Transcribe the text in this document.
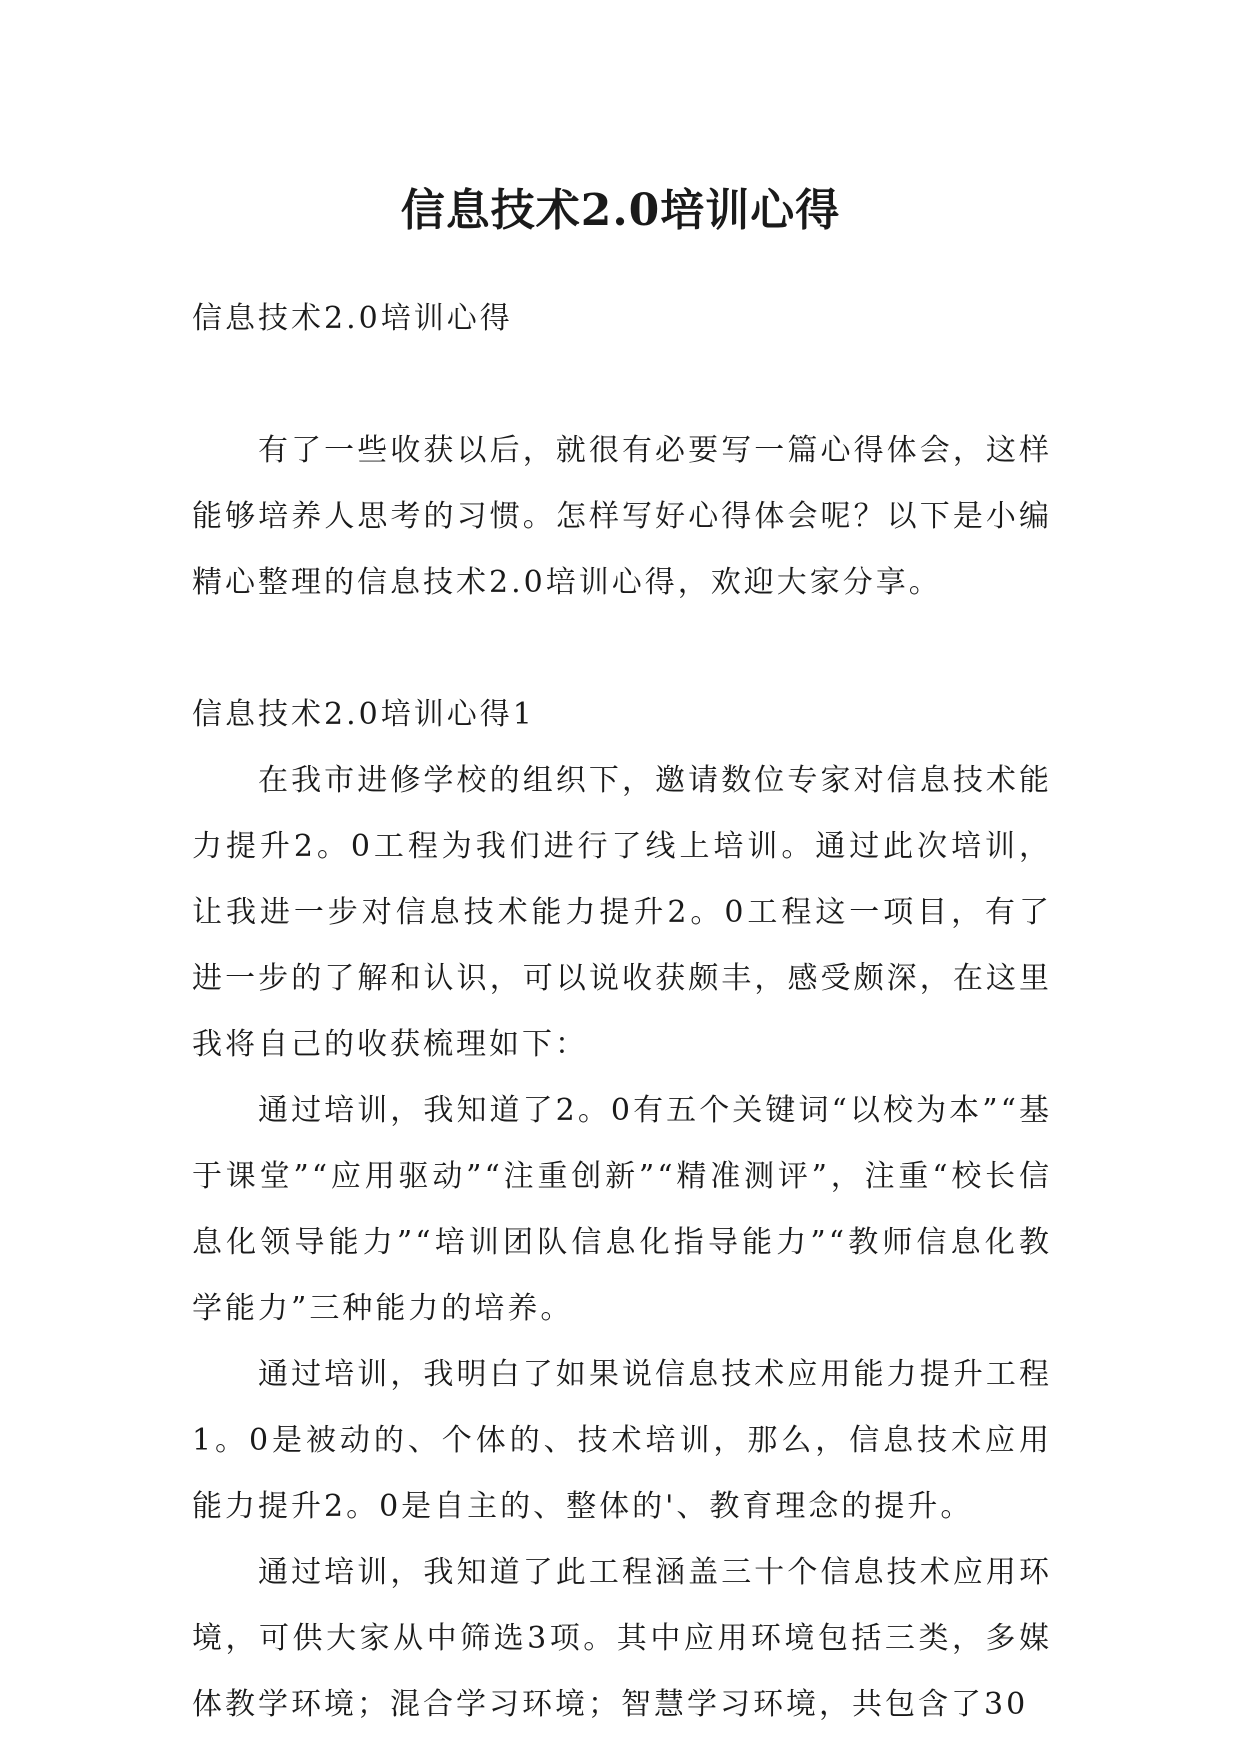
信息技术2.0培训心得

信息技术2.0培训心得

有了一些收获以后，就很有必要写一篇心得体会，这样能够培养人思考的习惯。怎样写好心得体会呢？以下是小编精心整理的信息技术2.0培训心得，欢迎大家分享。

信息技术2.0培训心得1

在我市进修学校的组织下，邀请数位专家对信息技术能力提升2。0工程为我们进行了线上培训。通过此次培训，让我进一步对信息技术能力提升2。0工程这一项目，有了进一步的了解和认识，可以说收获颇丰，感受颇深，在这里我将自己的收获梳理如下：

通过培训，我知道了2。0有五个关键词“以校为本”“基于课堂”“应用驱动”“注重创新”“精准测评”，注重“校长信息化领导能力”“培训团队信息化指导能力”“教师信息化教学能力”三种能力的培养。

通过培训，我明白了如果说信息技术应用能力提升工程1。0是被动的、个体的、技术培训，那么，信息技术应用能力提升2。0是自主的、整体的'、教育理念的提升。

通过培训，我知道了此工程涵盖三十个信息技术应用环境，可供大家从中筛选3项。其中应用环境包括三类，多媒体教学环境；混合学习环境；智慧学习环境，共包含了30
